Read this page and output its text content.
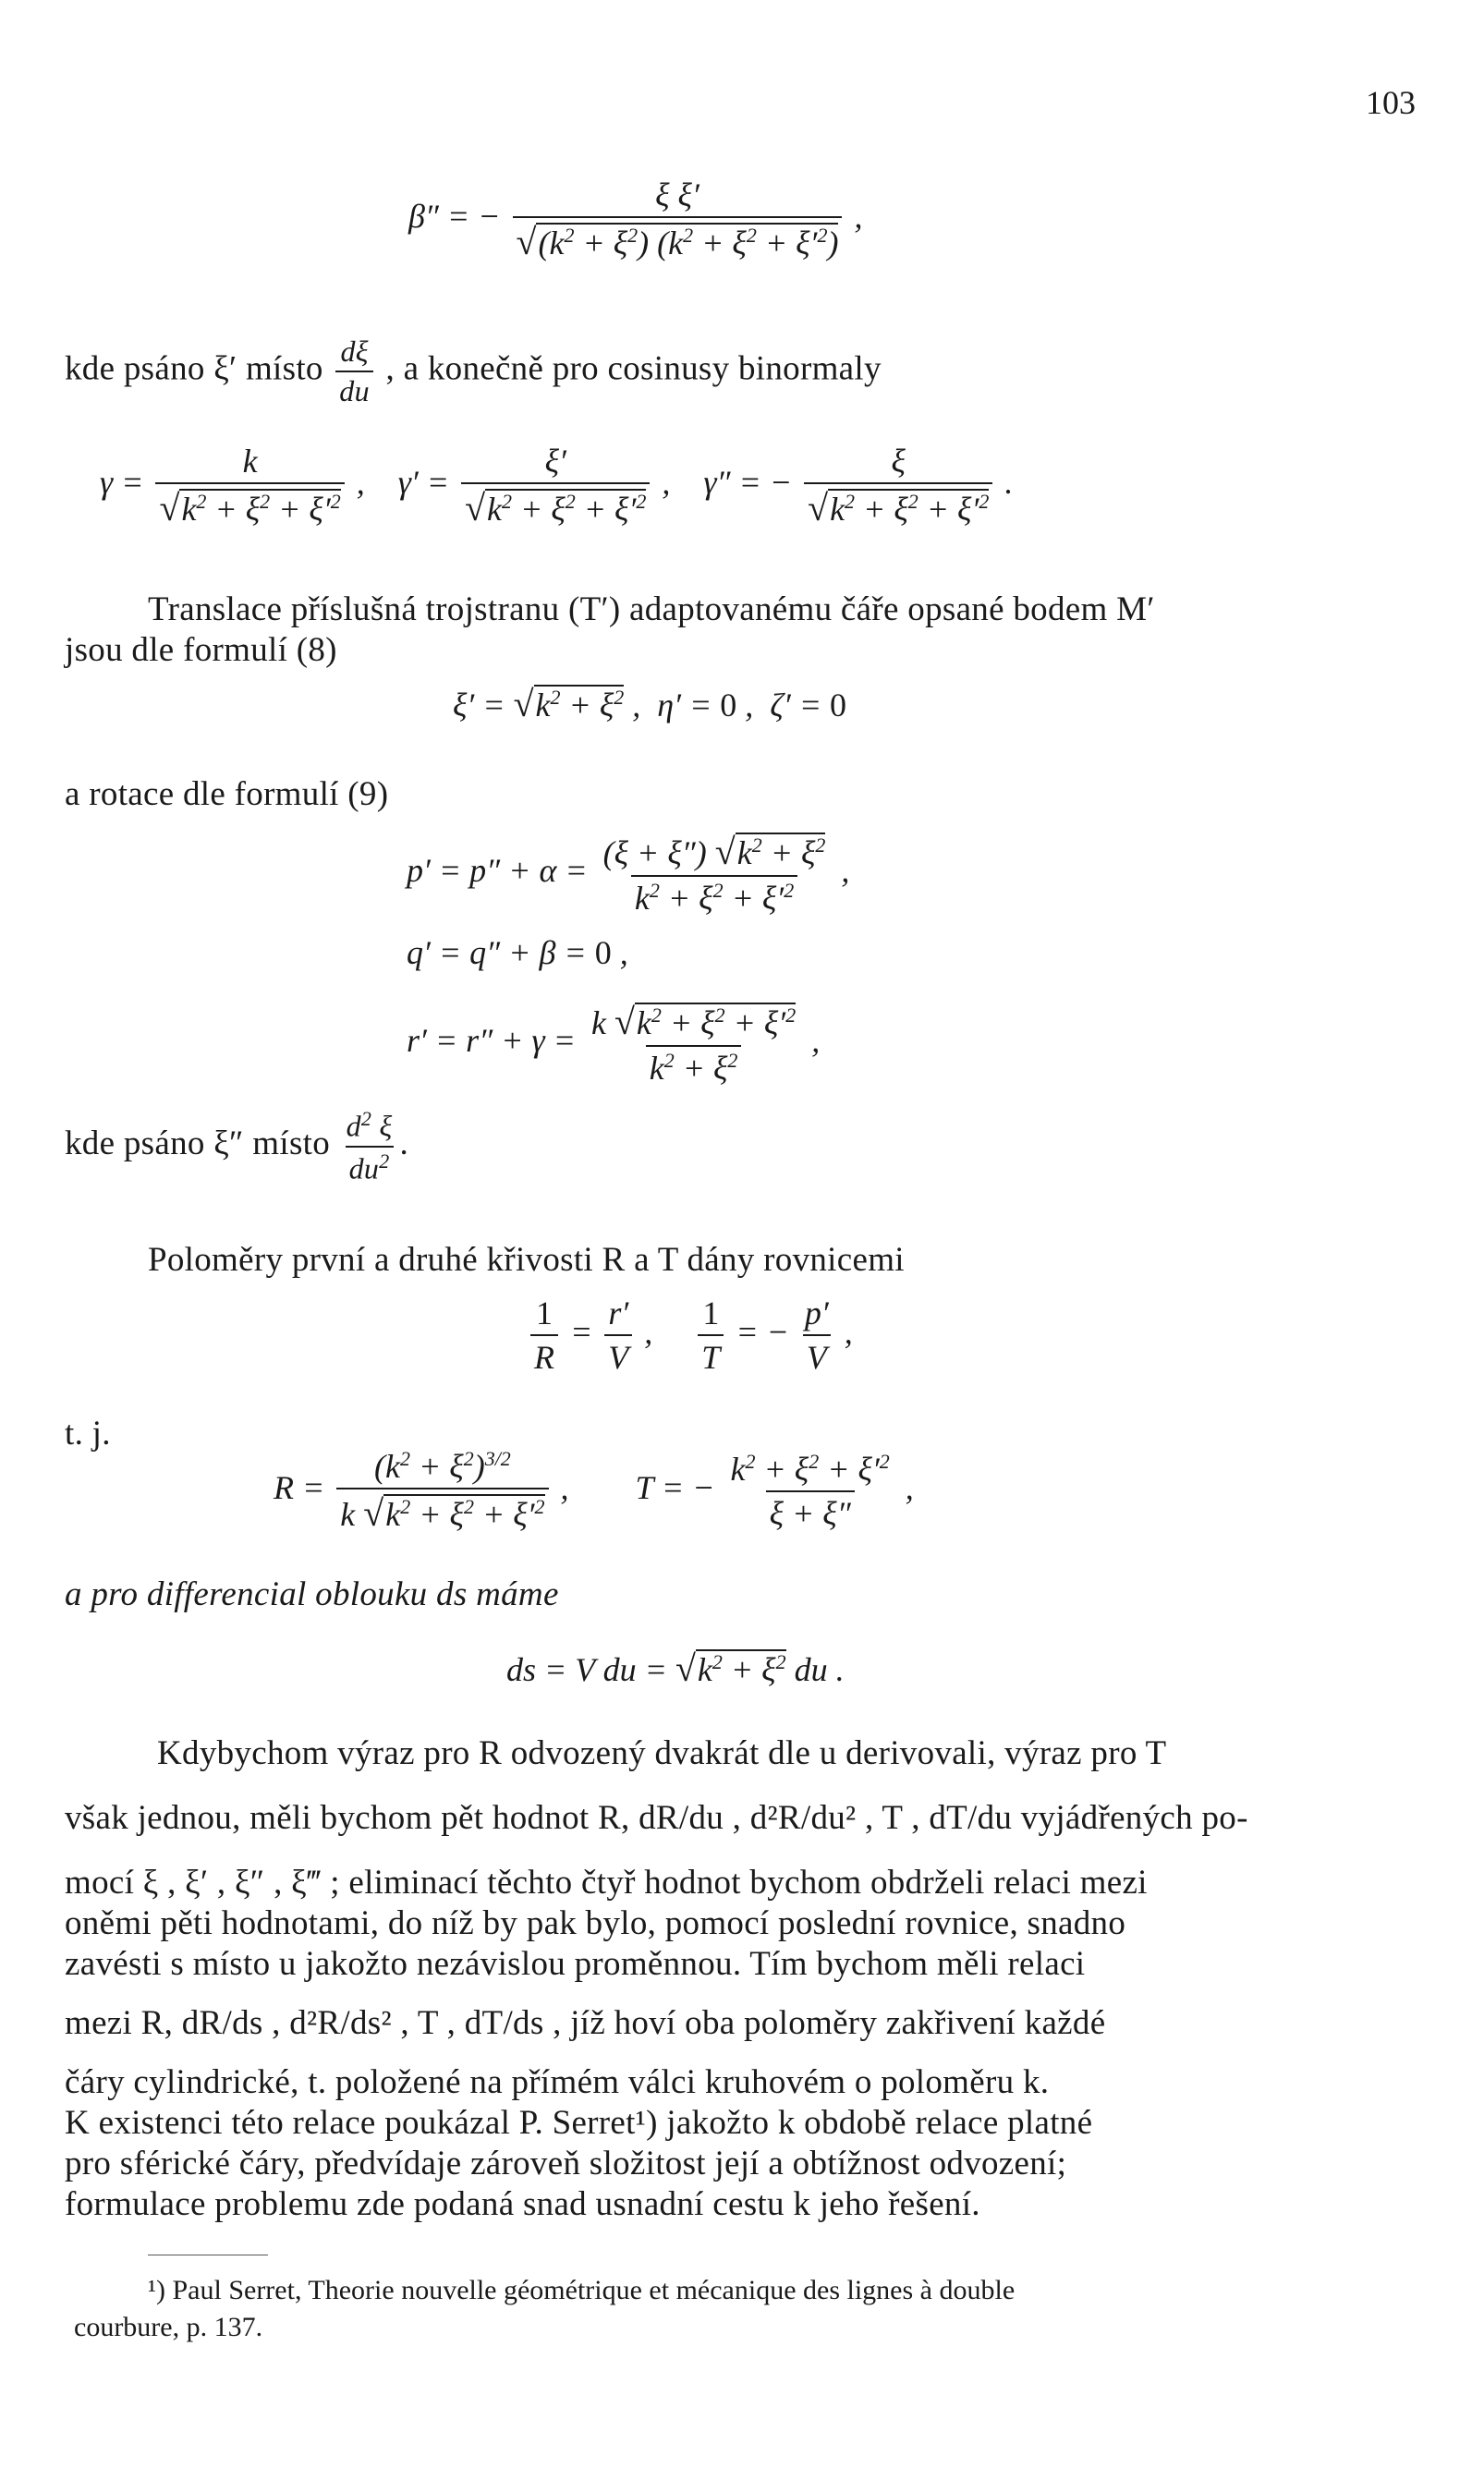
103
β″ = − $\frac{\text{ξ ξ′}}{√(k^2 + \xi^2) (k^2 + \xi^2 + \xi'^2)}$ ,
kde psáno ξ′ místo $\frac{d\xi}{du}$ , a konečně pro cosinusy binormaly
$\gamma = \frac{k}{√k^2 + \xi^2 + \xi'^2}$ ,    $\gamma' = \frac{\xi'}{√k^2 + \xi^2 + \xi'^2}$ ,    γ″ = − $\frac{\xi}{√k^2 + \xi^2 + \xi'^2}$ .
Translace příslušná trojstranu (T′) adaptovanému čáře opsané bodem M′
jsou dle formulí (8)
$\xi' = √k^2 + \xi^2$ ,  η′ = 0 ,  ζ′ = 0
a rotace dle formulí (9)
$p' = p'' + \alpha = \frac{(\xi + \xi'') √k^2 + \xi^2}{k^2 + \xi^2 + \xi'^2}$ ,
q′ = q″ + β = 0 ,
$r' = r'' + \gamma = \frac{k √k^2 + \xi^2 + \xi'^2}{k^2 + \xi^2}$ ,
kde psáno ξ″ místo $\frac{d^2 \xi}{du^2}$ .
Poloměry první a druhé křivosti R a T dány rovnicemi
$\frac{1}{R} = \frac{r'}{V}$ , $\frac{1}{T}$ = − $\frac{p'}{V}$ ,
t. j.
$R = \frac{(k^2 + \xi^2)^{3/2}}{k √k^2 + \xi^2 + \xi'^2}$ ,        T = − $\frac{k^2 + \xi^2 + \xi'^2}{\xi + \xi''}$ ,
a pro differencial oblouku ds máme
ds = V du = $√k^2 + \xi^2$ du .
Kdybychom výraz pro R odvozený dvakrát dle u derivovali, výraz pro T
však jednou, měli bychom pět hodnot R, dR/du , d²R/du² , T , dT/du vyjádřených po-
mocí ξ , ξ′ , ξ″ , ξ‴ ; eliminací těchto čtyř hodnot bychom obdrželi relaci mezi
oněmi pěti hodnotami, do níž by pak bylo, pomocí poslední rovnice, snadno
zavésti s místo u jakožto nezávislou proměnnou. Tím bychom měli relaci
mezi R, dR/ds , d²R/ds² , T , dT/ds , jíž hoví oba poloměry zakřivení každé
čáry cylindrické, t. položené na přímém válci kruhovém o poloměru k.
K existenci této relace poukázal P. Serret¹) jakožto k obdobě relace platné
pro sférické čáry, předvídaje zároveň složitost její a obtížnost odvození;
formulace problemu zde podaná snad usnadní cestu k jeho řešení.
¹) Paul Serret, Theorie nouvelle géométrique et mécanique des lignes à double
courbure, p. 137.
